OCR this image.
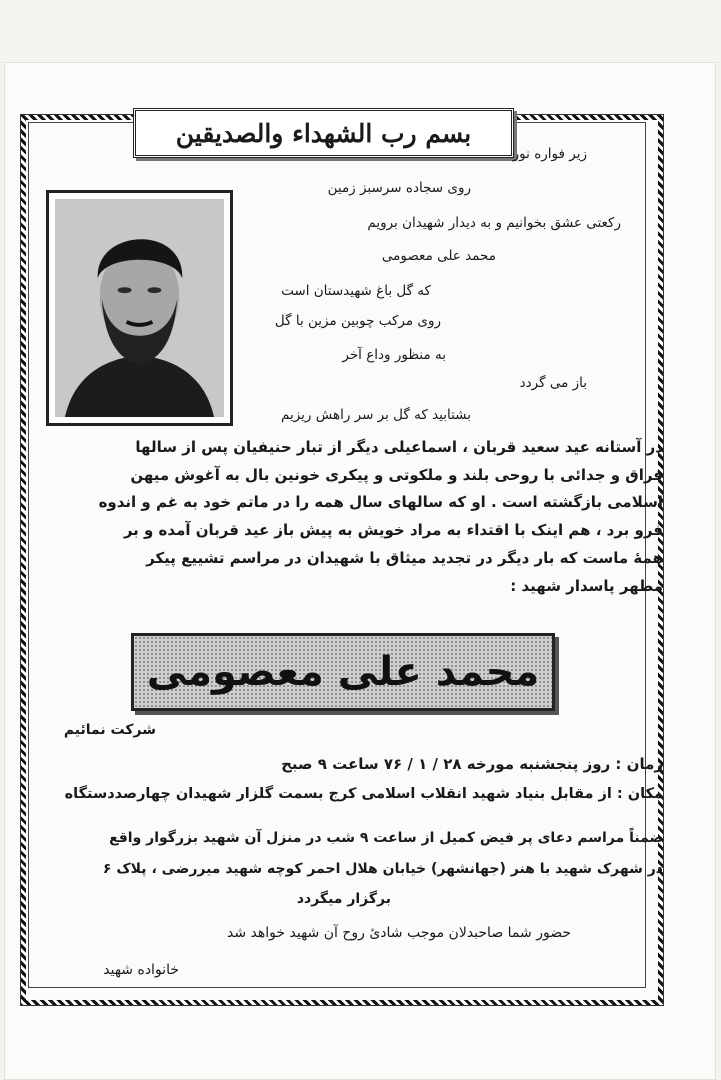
بسم رب الشهداء والصدیقین
زیر فواره نور
روی سجاده سرسبز زمین
رکعتی عشق بخوانیم و به دیدار شهیدان برویم
محمد علی معصومی
که گل باغ شهیدستان است
روی مرکب چوبین مزین با گل
به منظور وداع آخر
باز می گردد
بشتابید که گل بر سر راهش ریزیم
در آستانه عید سعید قربان ، اسماعیلی دیگر از تبار حنیفیان پس از سالها
فراق و جدائی با روحی بلند و ملکوتی و پیکری خونین بال به آغوش میهن
اسلامی بازگشته است . او که سالهای سال همه را در ماتم خود به غم و اندوه
فرو برد ، هم اینک با اقتداء به مراد خویش به پیش باز عید قربان آمده و بر
همهٔ ماست که بار دیگر در تجدید میثاق با شهیدان در مراسم تشییع پیکر
مطهر پاسدار شهید :
محمد علی معصومی
شرکت نمائیم
زمان : روز پنجشنبه مورخه ۲۸ / ۱ / ۷۶ ساعت ۹ صبح
مکان : از مقابل بنیاد شهید انقلاب اسلامی کرج بسمت گلزار شهیدان چهارصددستگاه
ضمناً مراسم دعای پر فیض کمیل از ساعت ۹ شب در منزل آن شهید بزرگوار واقع
در شهرک شهید با هنر (جهانشهر) خیابان هلال احمر کوچه شهید میررضی ، پلاک ۶
برگزار میگردد
حضور شما صاحبدلان موجب شادیٔ روح آن شهید خواهد شد
خانواده شهید
